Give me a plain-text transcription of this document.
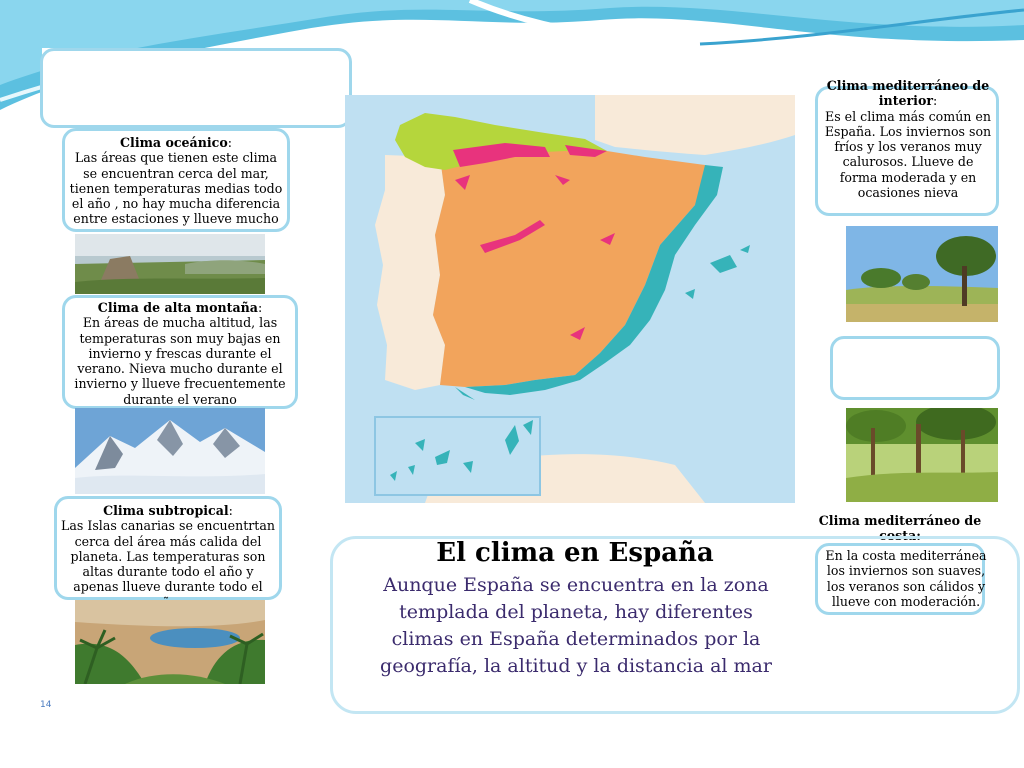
Clima oceánico:
Las áreas que tienen este clima se encuentran cerca del mar, tienen temperaturas medias todo el año , no hay mucha diferencia entre estaciones y llueve mucho
Clima de alta montaña:
En áreas de mucha altitud, las temperaturas son muy bajas en invierno y frescas durante el verano. Nieva mucho durante el invierno y llueve frecuentemente durante el verano
Clima subtropical:
Las Islas canarias se encuentrtan cerca del área más calida del planeta. Las temperaturas son altas durante todo el año y apenas llueve durante todo el
Clima mediterráneo de interior:
Es el clima más común en España. Los inviernos son fríos y los veranos muy calurosos. Llueve de forma moderada y en ocasiones nieva
Clima mediterráneo de costa:
En la costa mediterránea los inviernos son suaves, los veranos son cálidos y llueve con moderación.
El clima en España
Aunque España se encuentra en la zona templada del planeta, hay diferentes climas en España determinados por la geografía, la altitud y la distancia al mar
14
